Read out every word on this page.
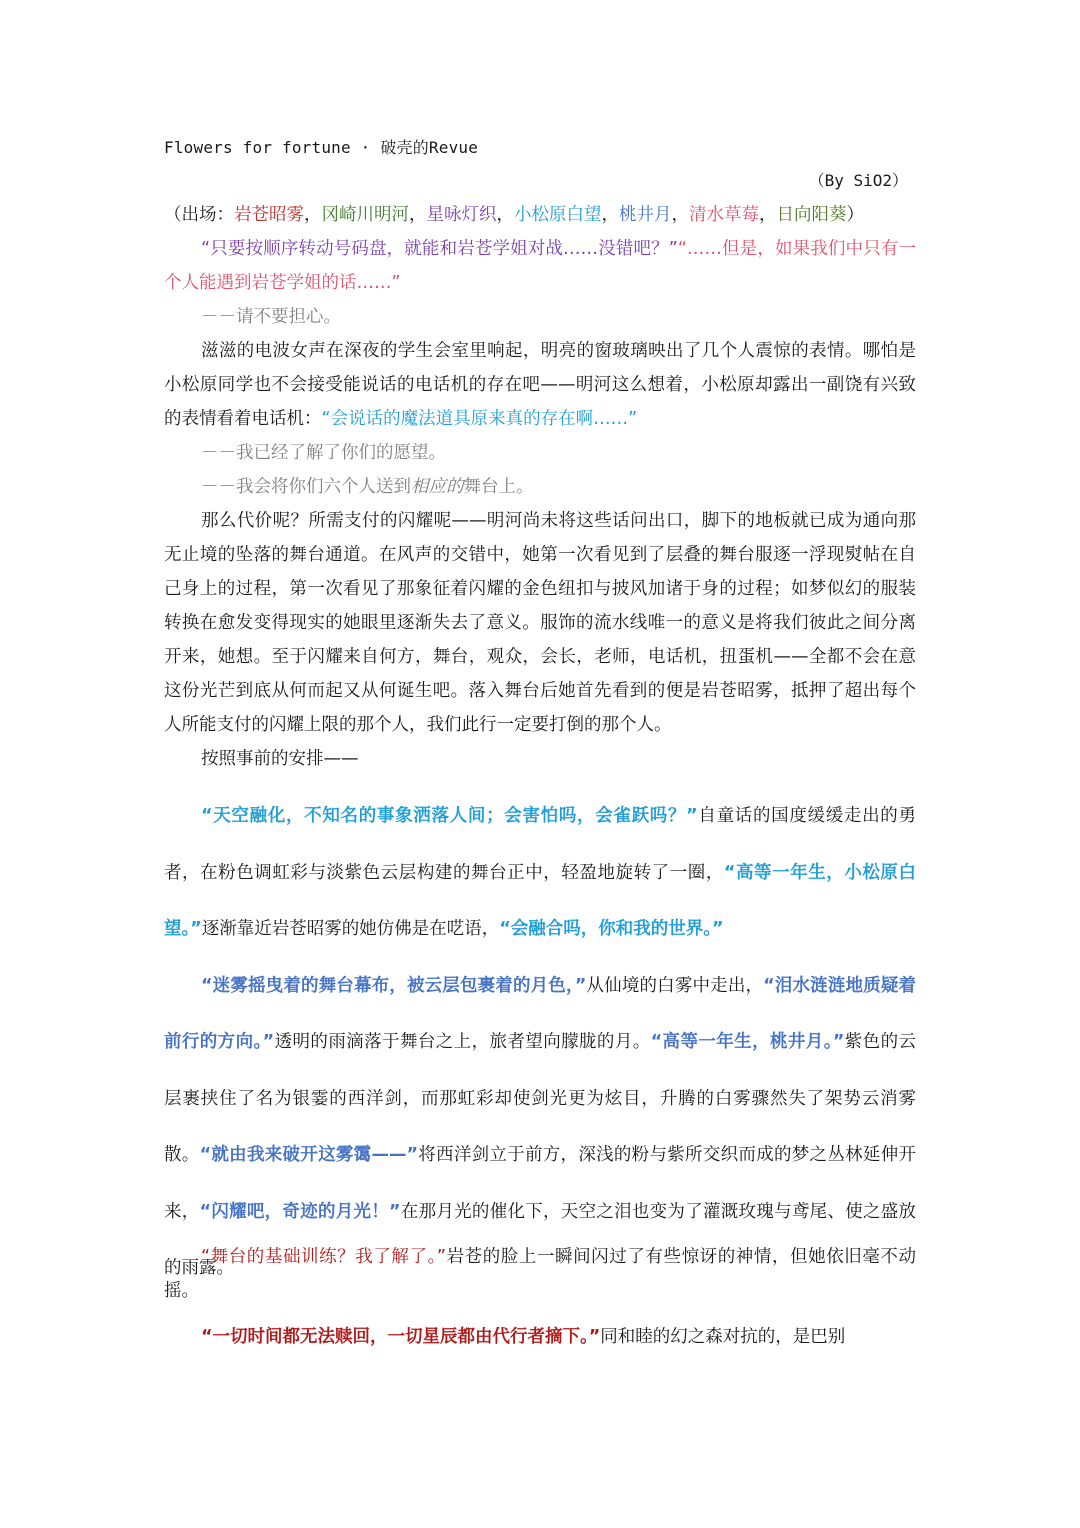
Flowers for fortune · 破壳的Revue
（By SiO2）

（出场：岩苍昭雾，冈崎川明河，星咏灯织，小松原白望，桃井月，清水草莓，日向阳葵）

“只要按顺序转动号码盘，就能和岩苍学姐对战……没错吧？”“……但是，如果我们中只有一个人能遇到岩苍学姐的话……”

－－请不要担心。

滋滋的电波女声在深夜的学生会室里响起，明亮的窗玻璃映出了几个人震惊的表情。哪怕是小松原同学也不会接受能说话的电话机的存在吧——明河这么想着，小松原却露出一副饶有兴致的表情看着电话机：“会说话的魔法道具原来真的存在啊……”

－－我已经了解了你们的愿望。

－－我会将你们六个人送到相应的舞台上。

那么代价呢？所需支付的闪耀呢——明河尚未将这些话问出口，脚下的地板就已成为通向那无止境的坠落的舞台通道。在风声的交错中，她第一次看见到了层叠的舞台服逐一浮现熨帖在自己身上的过程，第一次看见了那象征着闪耀的金色纽扣与披风加诸于身的过程；如梦似幻的服装转换在愈发变得现实的她眼里逐渐失去了意义。服饰的流水线唯一的意义是将我们彼此之间分离开来，她想。至于闪耀来自何方，舞台，观众，会长，老师，电话机，扭蛋机——全都不会在意这份光芒到底从何而起又从何诞生吧。落入舞台后她首先看到的便是岩苍昭雾，抵押了超出每个人所能支付的闪耀上限的那个人，我们此行一定要打倒的那个人。

按照事前的安排——

“天空融化，不知名的事象洒落人间；会害怕吗，会雀跃吗？”自童话的国度缓缓走出的勇者，在粉色调虹彩与淡紫色云层构建的舞台正中，轻盈地旋转了一圈，“高等一年生，小松原白望。”逐渐靠近岩苍昭雾的她仿佛是在呓语，“会融合吗，你和我的世界。”

“迷雾摇曳着的舞台幕布，被云层包裹着的月色，”从仙境的白雾中走出，“泪水涟涟地质疑着前行的方向。”透明的雨滴落于舞台之上，旅者望向朦胧的月。“高等一年生，桃井月。”紫色的云层裹挟住了名为银霎的西洋剑，而那虹彩却使剑光更为炫目，升腾的白雾骤然失了架势云消雾散。“就由我来破开这雾霭——”将西洋剑立于前方，深浅的粉与紫所交织而成的梦之丛林延伸开来，“闪耀吧，奇迹的月光！”在那月光的催化下，天空之泪也变为了灌溉玫瑰与鸢尾、使之盛放的雨露。

“舞台的基础训练？我了解了。”岩苍的脸上一瞬间闪过了有些惊讶的神情，但她依旧毫不动摇。

“一切时间都无法赎回，一切星辰都由代行者摘下。”同和睦的幻之森对抗的，是巴别
